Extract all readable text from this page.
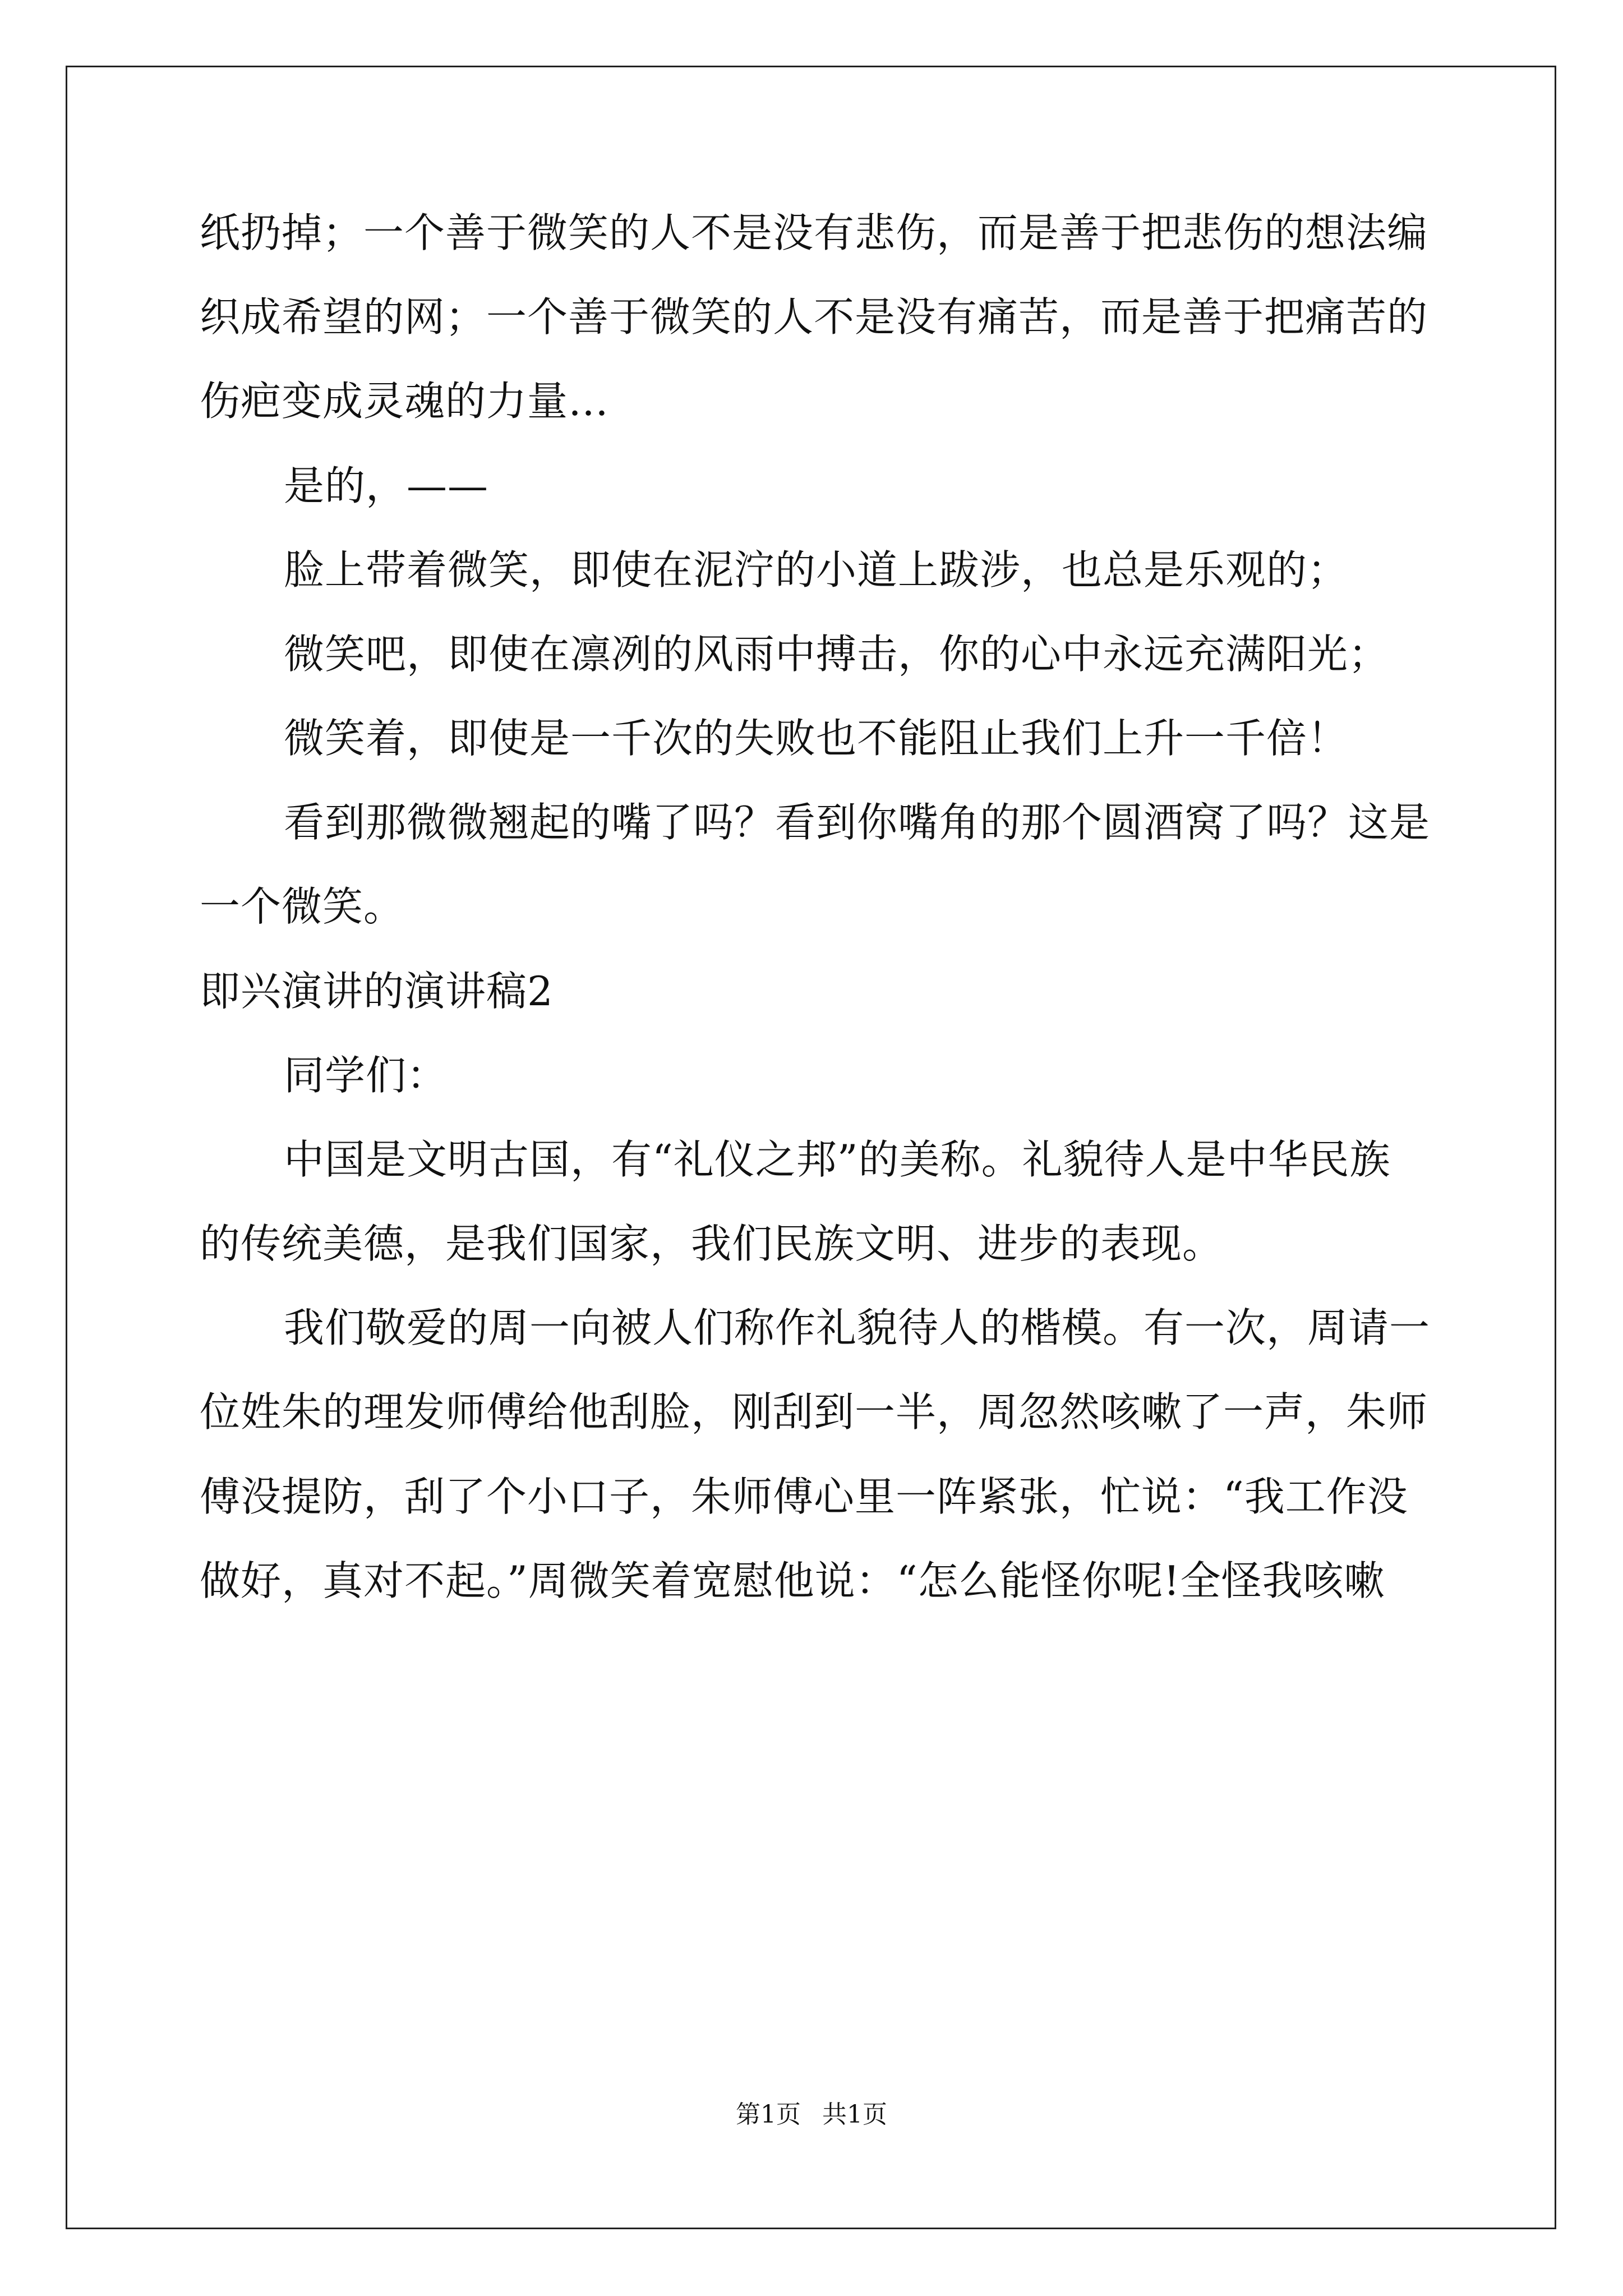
纸扔掉；一个善于微笑的人不是没有悲伤，而是善于把悲伤的想法编
织成希望的网；一个善于微笑的人不是没有痛苦，而是善于把痛苦的
伤疤变成灵魂的力量…
是的，——
脸上带着微笑，即使在泥泞的小道上跋涉，也总是乐观的；
微笑吧，即使在凛冽的风雨中搏击，你的心中永远充满阳光；
微笑着，即使是一千次的失败也不能阻止我们上升一千倍！
看到那微微翘起的嘴了吗？看到你嘴角的那个圆酒窝了吗？这是
一个微笑。
即兴演讲的演讲稿2
同学们：
中国是文明古国，有“礼仪之邦”的美称。礼貌待人是中华民族
的传统美德，是我们国家，我们民族文明、进步的表现。
我们敬爱的周一向被人们称作礼貌待人的楷模。有一次，周请一
位姓朱的理发师傅给他刮脸，刚刮到一半，周忽然咳嗽了一声，朱师
傅没提防，刮了个小口子，朱师傅心里一阵紧张，忙说：“我工作没
做好，真对不起。”周微笑着宽慰他说：“怎么能怪你呢!全怪我咳嗽
第1页 共1页
